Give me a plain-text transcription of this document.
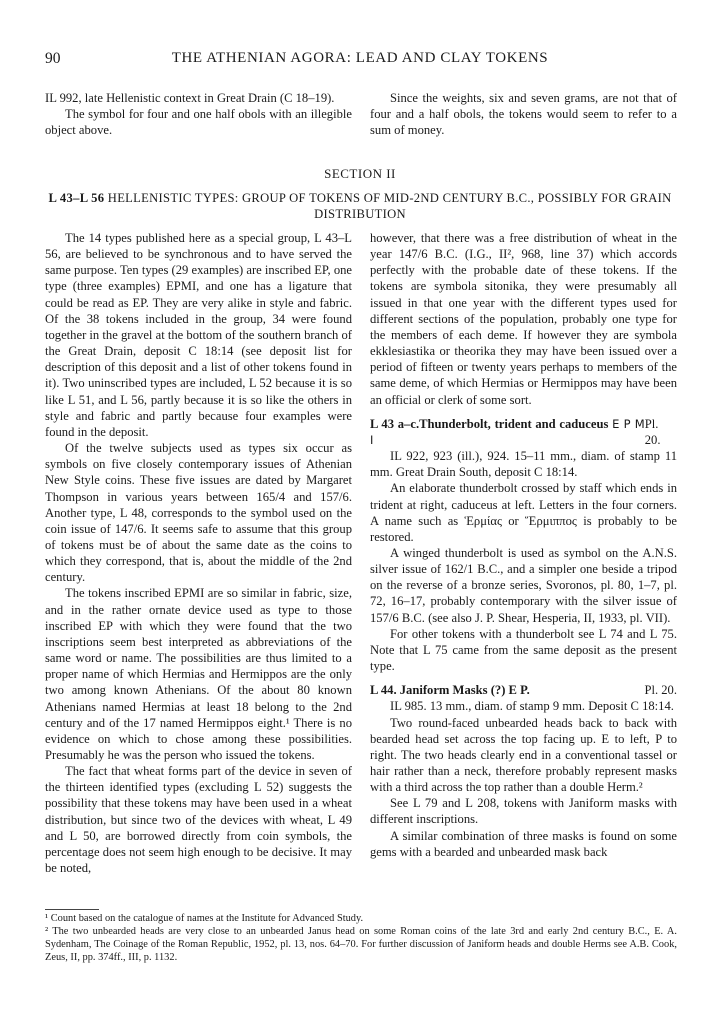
90	THE ATHENIAN AGORA: LEAD AND CLAY TOKENS

IL 992, late Hellenistic context in Great Drain (C 18–19).

The symbol for four and one half obols with an illegible object above.

Since the weights, six and seven grams, are not that of four and a half obols, the tokens would seem to refer to a sum of money.

SECTION II
L 43–L 56 HELLENISTIC TYPES: GROUP OF TOKENS OF MID-2ND CENTURY B.C., POSSIBLY FOR GRAIN DISTRIBUTION

The 14 types published here as a special group, L 43–L 56, are believed to be synchronous and to have served the same purpose. Ten types (29 examples) are inscribed EP, one type (three examples) EPMI, and one has a ligature that could be read as EP. They are very alike in style and fabric. Of the 38 tokens included in the group, 34 were found together in the gravel at the bottom of the southern branch of the Great Drain, deposit C 18:14 (see deposit list for description of this deposit and a list of other tokens found in it). Two uninscribed types are included, L 52 because it is so like L 51, and L 56, partly because it is so like the others in style and fabric and partly because four examples were found in the deposit.

Of the twelve subjects used as types six occur as symbols on five closely contemporary issues of Athenian New Style coins. These five issues are dated by Margaret Thompson in various years between 165/4 and 157/6. Another type, L 48, corresponds to the symbol used on the coin issue of 147/6. It seems safe to assume that this group of tokens must be of about the same date as the coins to which they correspond, that is, about the middle of the 2nd century.

The tokens inscribed EPMI are so similar in fabric, size, and in the rather ornate device used as type to those inscribed EP with which they were found that the two inscriptions seem best interpreted as abbreviations of the same word or name. The possibilities are thus limited to a proper name of which Hermias and Hermippos are the only two among known Athenians. Of the about 80 known Athenians named Hermias at least 18 belong to the 2nd century and of the 17 named Hermippos eight.¹ There is no evidence on which to chose among these possibilities. Presumably he was the person who issued the tokens.

The fact that wheat forms part of the device in seven of the thirteen identified types (excluding L 52) suggests the possibility that these tokens may have been used in a wheat distribution, but since two of the devices with wheat, L 49 and L 50, are borrowed directly from coin symbols, the percentage does not seem high enough to be decisive. It may be noted,

however, that there was a free distribution of wheat in the year 147/6 B.C. (I.G., II², 968, line 37) which accords perfectly with the probable date of these tokens. If the tokens are symbola sitonika, they were presumably all issued in that one year with the different types used for different sections of the population, probably one type for the members of each deme. If however they are symbola ekklesiastika or theorika they may have been issued over a period of fifteen or twenty years perhaps to members of the same deme, of which Hermias or Hermippos may have been an official or clerk of some sort.

L 43 a–c.Thunderbolt, trident and caduceus E P M I
Pl. 20.

IL 922, 923 (ill.), 924. 15–11 mm., diam. of stamp 11 mm. Great Drain South, deposit C 18:14.

An elaborate thunderbolt crossed by staff which ends in trident at right, caduceus at left. Letters in the four corners. A name such as Ἑρμίας or Ἕρμιππος is probably to be restored.

A winged thunderbolt is used as symbol on the A.N.S. silver issue of 162/1 B.C., and a simpler one beside a tripod on the reverse of a bronze series, Svoronos, pl. 80, 1–7, pl. 72, 16–17, probably contemporary with the silver issue of 157/6 B.C. (see also J. P. Shear, Hesperia, II, 1933, pl. VII).

For other tokens with a thunderbolt see L 74 and L 75. Note that L 75 came from the same deposit as the present type.

L 44. Janiform Masks (?) E P.	Pl. 20.

IL 985. 13 mm., diam. of stamp 9 mm. Deposit C 18:14.

Two round-faced unbearded heads back to back with bearded head set across the top facing up. E to left, P to right. The two heads clearly end in a conventional tassel or hair rather than a neck, therefore probably represent masks with a third across the top rather than a double Herm.²

See L 79 and L 208, tokens with Janiform masks with different inscriptions.

A similar combination of three masks is found on some gems with a bearded and unbearded mask back

¹ Count based on the catalogue of names at the Institute for Advanced Study.
² The two unbearded heads are very close to an unbearded Janus head on some Roman coins of the late 3rd and early 2nd century B.C., E. A. Sydenham, The Coinage of the Roman Republic, 1952, pl. 13, nos. 64–70. For further discussion of Janiform heads and double Herms see A.B. Cook, Zeus, II, pp. 374ff., III, p. 1132.
